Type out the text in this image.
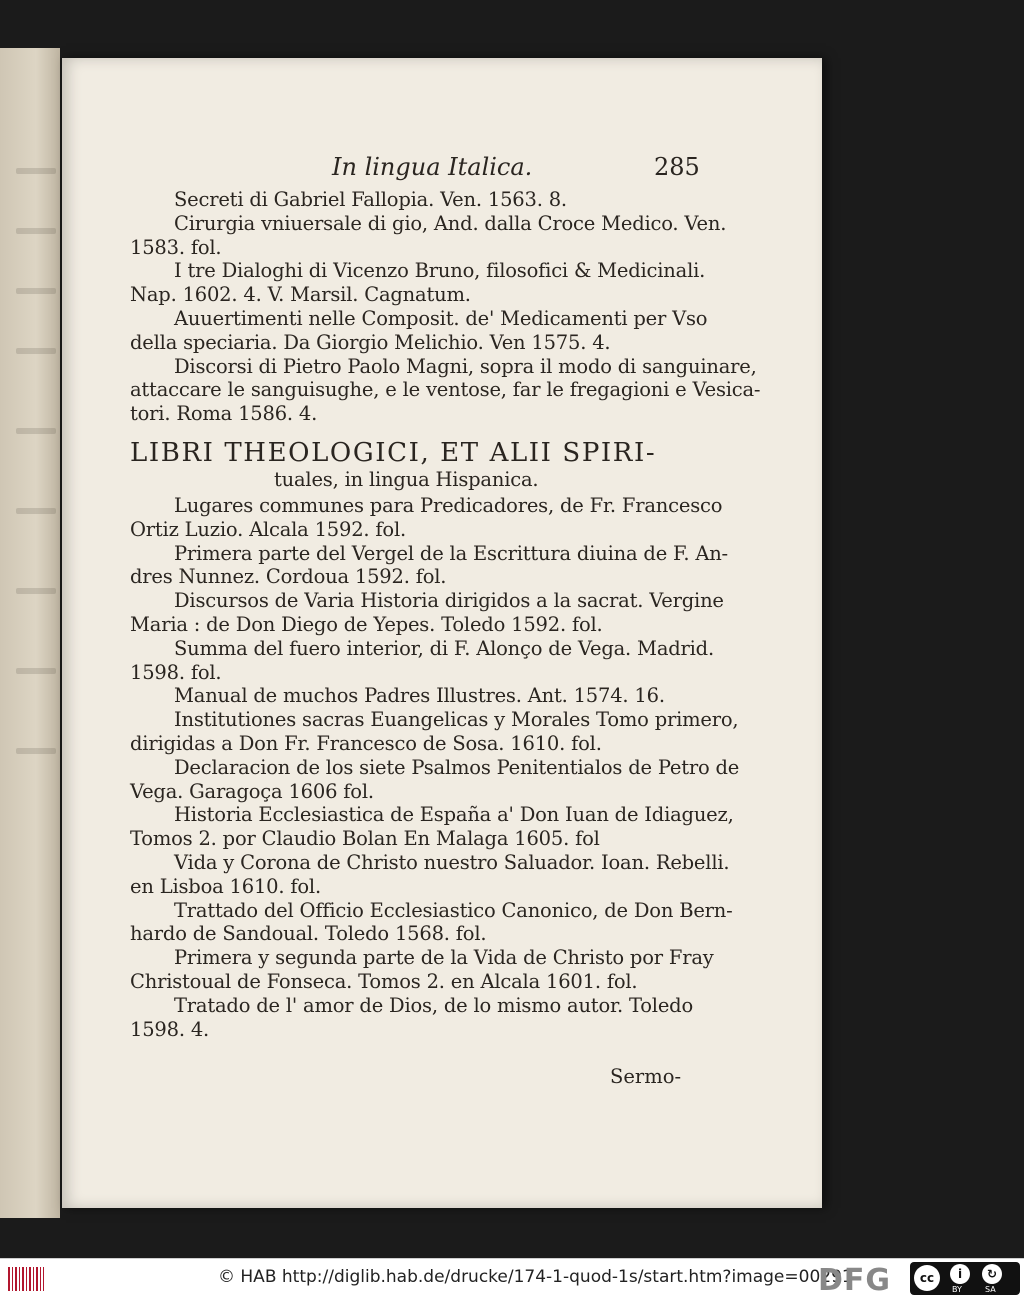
In lingua Italica.	285

Secreti di Gabriel Fallopia. Ven. 1563. 8.

Cirurgia vniuersale di gio, And. dalla Croce Medico. Ven.
1583. fol.

I tre Dialoghi di Vicenzo Bruno, filosofici & Medicinali.
Nap. 1602. 4. V. Marsil. Cagnatum.

Auuertimenti nelle Composit. de' Medicamenti per Vso
della speciaria. Da Giorgio Melichio. Ven 1575. 4.

Discorsi di Pietro Paolo Magni, sopra il modo di sanguinare,
attaccare le sanguisughe, e le ventose, far le fregagioni e Vesica-
tori. Roma 1586. 4.

LIBRI THEOLOGICI, ET ALII SPIRI-
tuales, in lingua Hispanica.

Lugares communes para Predicadores, de Fr. Francesco
Ortiz Luzio. Alcala 1592. fol.

Primera parte del Vergel de la Escrittura diuina de F. An-
dres Nunnez. Cordoua 1592. fol.

Discursos de Varia Historia dirigidos a la sacrat. Vergine
Maria : de Don Diego de Yepes. Toledo 1592. fol.

Summa del fuero interior, di F. Alonço de Vega. Madrid.
1598. fol.

Manual de muchos Padres Illustres. Ant. 1574. 16.

Institutiones sacras Euangelicas y Morales Tomo primero,
dirigidas a Don Fr. Francesco de Sosa. 1610. fol.

Declaracion de los siete Psalmos Penitentialos de Petro de
Vega. Garagoça 1606 fol.

Historia Ecclesiastica de España a' Don Iuan de Idiaguez,
Tomos 2. por Claudio Bolan En Malaga 1605. fol

Vida y Corona de Christo nuestro Saluador. Ioan. Rebelli.
en Lisboa 1610. fol.

Trattado del Officio Ecclesiastico Canonico, de Don Bern-
hardo de Sandoual. Toledo 1568. fol.

Primera y segunda parte de la Vida de Christo por Fray
Christoual de Fonseca. Tomos 2. en Alcala 1601. fol.

Tratado de l' amor de Dios, de lo mismo autor. Toledo
1598. 4.

Sermo-
© HAB http://diglib.hab.de/drucke/174-1-quod-1s/start.htm?image=00291
DFG	cc	i	↻
BY	SA
